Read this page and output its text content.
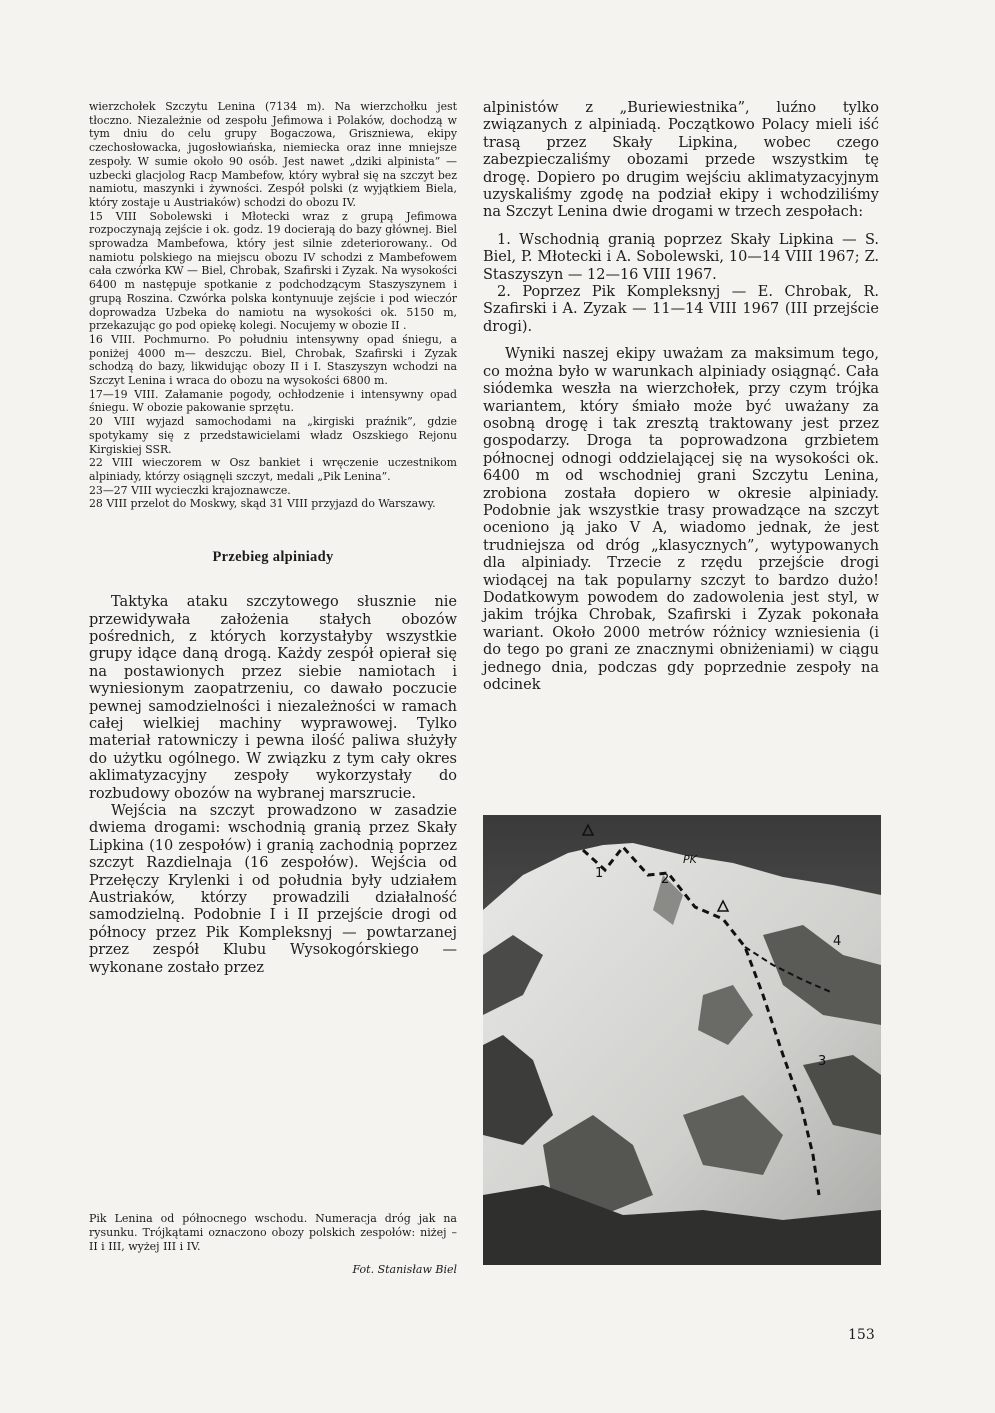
wierzchołek Szczytu Lenina (7134 m). Na wierzchołku jest tłoczno. Niezależnie od zespołu Jefimowa i Polaków, dochodzą w tym dniu do celu grupy Bogaczowa, Griszniewa, ekipy czechosłowacka, jugosłowiańska, niemiecka oraz inne mniejsze zespoły. W sumie około 90 osób. Jest nawet „dziki alpinista” — uzbecki glacjolog Racp Mambefow, który wybrał się na szczyt bez namiotu, maszynki i żywności. Zespół polski (z wyjątkiem Biela, który zostaje u Austriaków) schodzi do obozu IV.

15 VIII Sobolewski i Młotecki wraz z grupą Jefimowa rozpoczynają zejście i ok. godz. 19 docierają do bazy głównej. Biel sprowadza Mambefowa, który jest silnie zdeteriorowany.. Od namiotu polskiego na miejscu obozu IV schodzi z Mambefowem cała czwórka KW — Biel, Chrobak, Szafirski i Zyzak. Na wysokości 6400 m następuje spotkanie z podchodzącym Staszyszynem i grupą Roszina. Czwórka polska kontynuuje zejście i pod wieczór doprowadza Uzbeka do namiotu na wysokości ok. 5150 m, przekazując go pod opiekę kolegi. Nocujemy w obozie II .

16 VIII. Pochmurno. Po południu intensywny opad śniegu, a poniżej 4000 m— deszczu. Biel, Chrobak, Szafirski i Zyzak schodzą do bazy, likwidując obozy II i I. Staszyszyn wchodzi na Szczyt Lenina i wraca do obozu na wysokości 6800 m.

17—19 VIII. Załamanie pogody, ochłodzenie i intensywny opad śniegu. W obozie pakowanie sprzętu.

20 VIII wyjazd samochodami na „kirgiski praźnik”, gdzie spotykamy się z przedstawicielami władz Oszskiego Rejonu Kirgiskiej SSR.

22 VIII wieczorem w Osz bankiet i wręczenie uczestnikom alpiniady, którzy osiągnęli szczyt, medali „Pik Lenina”.

23—27 VIII wycieczki krajoznawcze.

28 VIII przelot do Moskwy, skąd 31 VIII przyjazd do Warszawy.

Przebieg alpiniady

Taktyka ataku szczytowego słusznie nie przewidywała założenia stałych obozów pośrednich, z których korzystałyby wszystkie grupy idące daną drogą. Każdy zespół opierał się na postawionych przez siebie namiotach i wyniesionym zaopatrzeniu, co dawało poczucie pewnej samodzielności i niezależności w ramach całej wielkiej machiny wyprawowej. Tylko materiał ratowniczy i pewna ilość paliwa służyły do użytku ogólnego. W związku z tym cały okres aklimatyzacyjny zespoły wykorzystały do rozbudowy obozów na wybranej marszrucie.

Wejścia na szczyt prowadzono w zasadzie dwiema drogami: wschodnią granią przez Skały Lipkina (10 zespołów) i granią zachodnią poprzez szczyt Razdielnaja (16 zespołów). Wejścia od Przełęczy Krylenki i od południa były udziałem Austriaków, którzy prowadzili działalność samodzielną. Podobnie I i II przejście drogi od północy przez Pik Kompleksnyj — powtarzanej przez zespół Klubu Wysokogórskiego — wykonane zostało przez

Pik Lenina od północnego wschodu. Numeracja dróg jak na rysunku. Trójkątami oznaczono obozy polskich zespołów: niżej – II i III, wyżej III i IV.

Fot. Stanisław Biel

alpinistów z „Buriewiestnika”, luźno tylko związanych z alpiniadą. Początkowo Polacy mieli iść trasą przez Skały Lipkina, wobec czego zabezpieczaliśmy obozami przede wszystkim tę drogę. Dopiero po drugim wejściu aklimatyzacyjnym uzyskaliśmy zgodę na podział ekipy i wchodziliśmy na Szczyt Lenina dwie drogami w trzech zespołach:

1. Wschodnią granią poprzez Skały Lipkina — S. Biel, P. Młotecki i A. Sobolewski, 10—14 VIII 1967; Z. Staszyszyn — 12—16 VIII 1967.

2. Poprzez Pik Kompleksnyj — E. Chrobak, R. Szafirski i A. Zyzak — 11—14 VIII 1967 (III przejście drogi).

Wyniki naszej ekipy uważam za maksimum tego, co można było w warunkach alpiniady osiągnąć. Cała siódemka weszła na wierzchołek, przy czym trójka wariantem, który śmiało może być uważany za osobną drogę i tak zresztą traktowany jest przez gospodarzy. Droga ta poprowadzona grzbietem północnej odnogi oddzielającej się na wysokości ok. 6400 m od wschodniej grani Szczytu Lenina, zrobiona została dopiero w okresie alpiniady. Podobnie jak wszystkie trasy prowadzące na szczyt oceniono ją jako V A, wiadomo jednak, że jest trudniejsza od dróg „klasycznych”, wytypowanych dla alpiniady. Trzecie z rzędu przejście drogi wiodącej na tak popularny szczyt to bardzo dużo! Dodatkowym powodem do zadowolenia jest styl, w jakim trójka Chrobak, Szafirski i Zyzak pokonała wariant. Około 2000 metrów różnicy wzniesienia (i do tego po grani ze znacznymi obniżeniami) w ciągu jednego dnia, podczas gdy poprzednie zespoły na odcinek

PK
1	2
3
4
153
